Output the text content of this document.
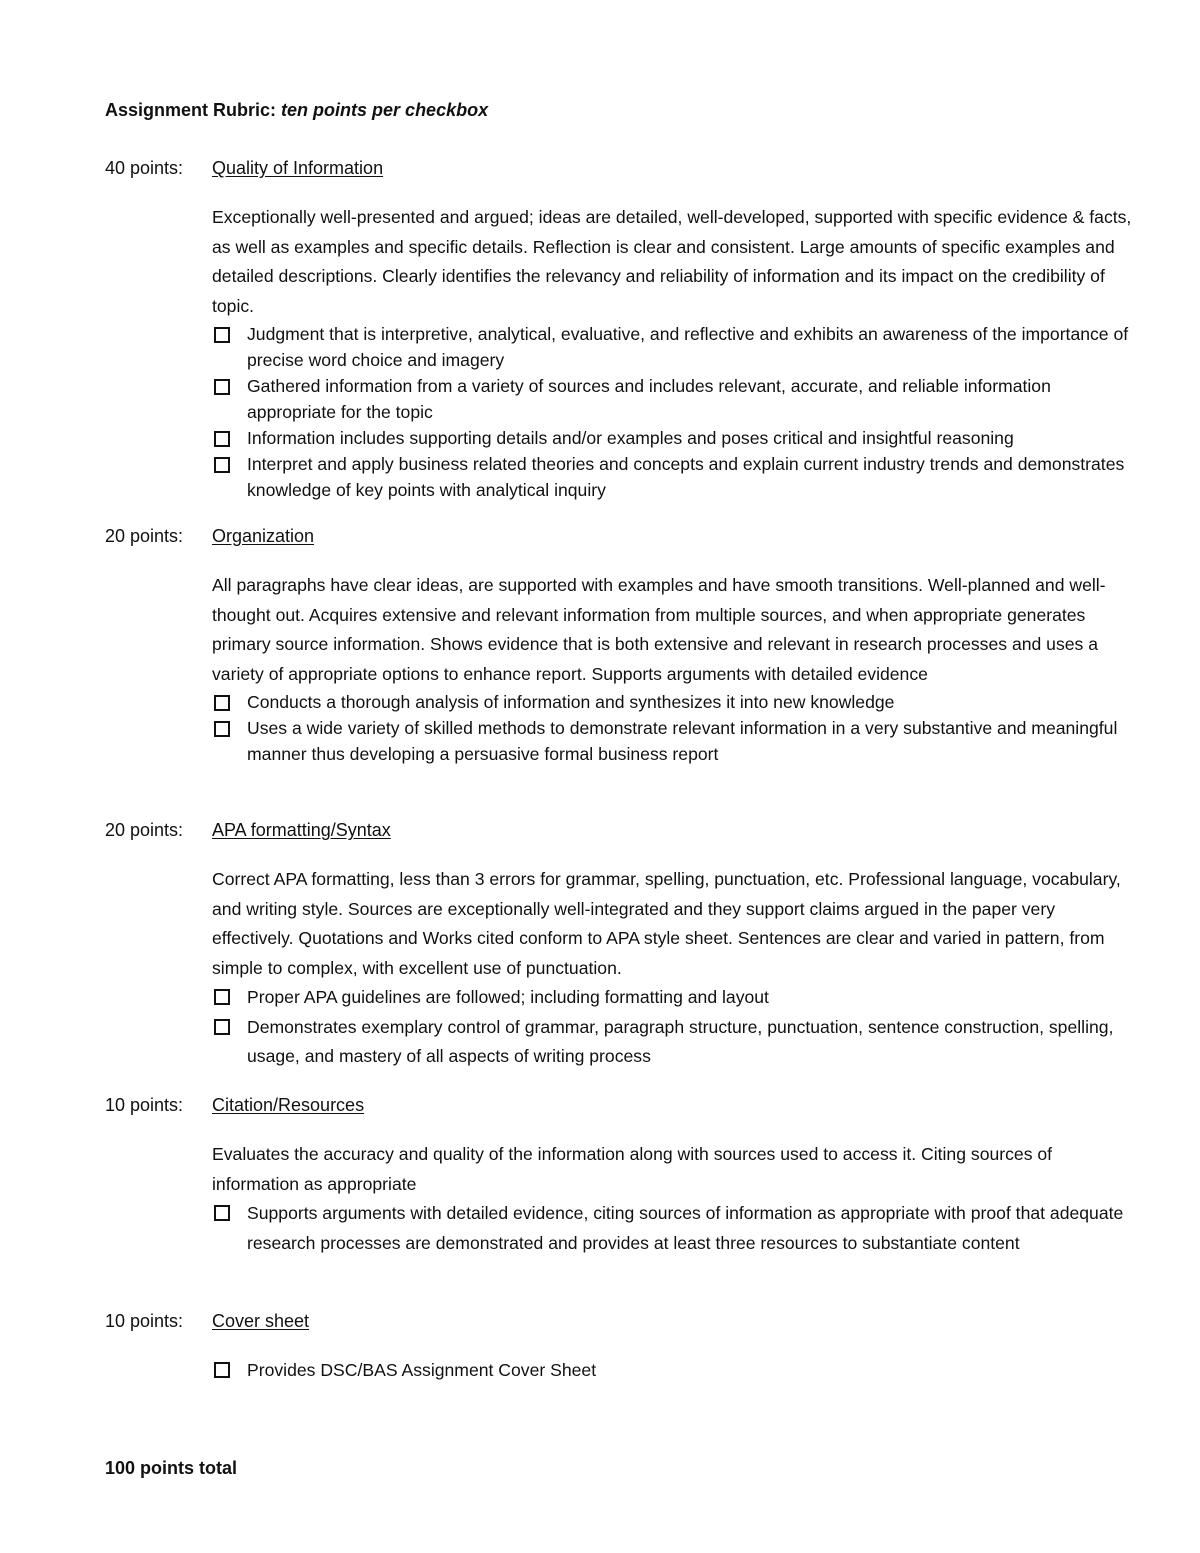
Assignment Rubric: ten points per checkbox
40 points: Quality of Information

Exceptionally well-presented and argued; ideas are detailed, well-developed, supported with specific evidence & facts, as well as examples and specific details. Reflection is clear and consistent. Large amounts of specific examples and detailed descriptions. Clearly identifies the relevancy and reliability of information and its impact on the credibility of topic.

Judgment that is interpretive, analytical, evaluative, and reflective and exhibits an awareness of the importance of precise word choice and imagery
Gathered information from a variety of sources and includes relevant, accurate, and reliable information appropriate for the topic
Information includes supporting details and/or examples and poses critical and insightful reasoning
Interpret and apply business related theories and concepts and explain current industry trends and demonstrates knowledge of key points with analytical inquiry
20 points: Organization

All paragraphs have clear ideas, are supported with examples and have smooth transitions. Well-planned and well-thought out. Acquires extensive and relevant information from multiple sources, and when appropriate generates primary source information. Shows evidence that is both extensive and relevant in research processes and uses a variety of appropriate options to enhance report. Supports arguments with detailed evidence

Conducts a thorough analysis of information and synthesizes it into new knowledge
Uses a wide variety of skilled methods to demonstrate relevant information in a very substantive and meaningful manner thus developing a persuasive formal business report
20 points: APA formatting/Syntax

Correct APA formatting, less than 3 errors for grammar, spelling, punctuation, etc. Professional language, vocabulary, and writing style. Sources are exceptionally well-integrated and they support claims argued in the paper very effectively. Quotations and Works cited conform to APA style sheet. Sentences are clear and varied in pattern, from simple to complex, with excellent use of punctuation.

Proper APA guidelines are followed; including formatting and layout
Demonstrates exemplary control of grammar, paragraph structure, punctuation, sentence construction, spelling, usage, and mastery of all aspects of writing process
10 points: Citation/Resources

Evaluates the accuracy and quality of the information along with sources used to access it. Citing sources of information as appropriate

Supports arguments with detailed evidence, citing sources of information as appropriate with proof that adequate research processes are demonstrated and provides at least three resources to substantiate content
10 points: Cover sheet
Provides DSC/BAS Assignment Cover Sheet
100 points total
